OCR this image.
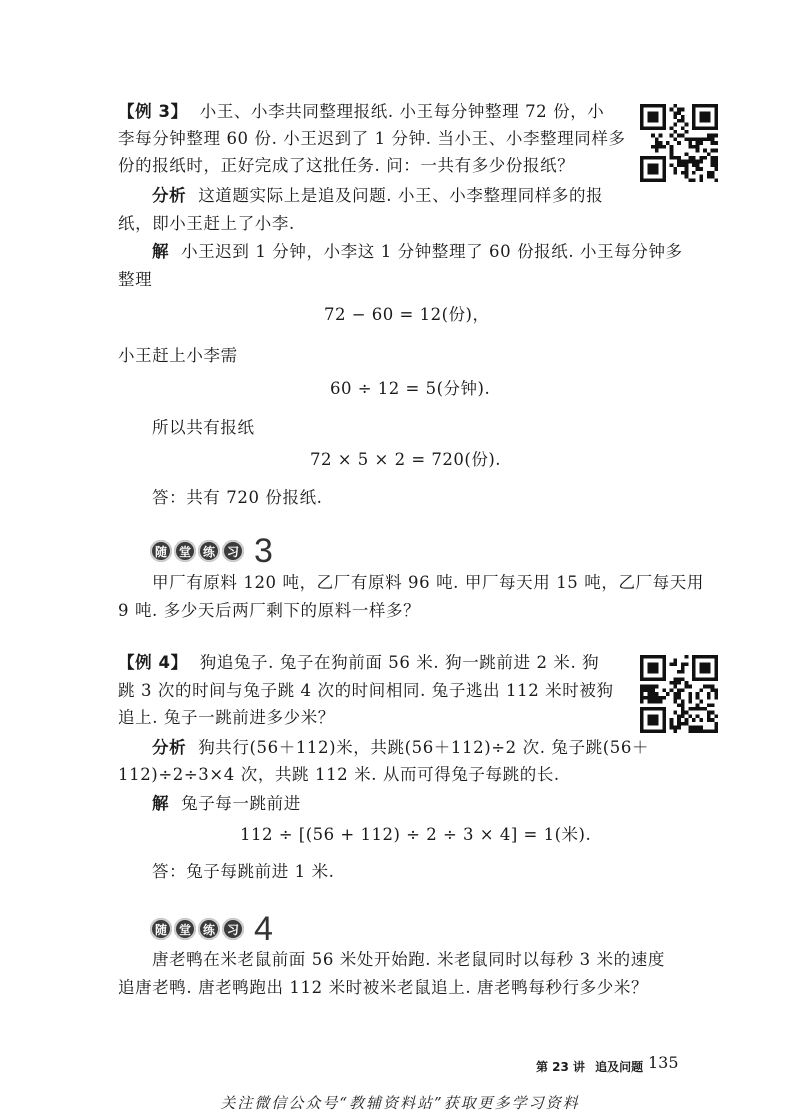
【例 3】 小王、小李共同整理报纸. 小王每分钟整理 72 份，小
李每分钟整理 60 份. 小王迟到了 1 分钟. 当小王、小李整理同样多
份的报纸时，正好完成了这批任务. 问：一共有多少份报纸？
分析 这道题实际上是追及问题. 小王、小李整理同样多的报
纸，即小王赶上了小李.
解 小王迟到 1 分钟，小李这 1 分钟整理了 60 份报纸. 小王每分钟多
整理
72 − 60 = 12(份)，
小王赶上小李需
60 ÷ 12 = 5(分钟).
所以共有报纸
72 × 5 × 2 = 720(份).
答：共有 720 份报纸.
随 堂 练 习 3
甲厂有原料 120 吨，乙厂有原料 96 吨. 甲厂每天用 15 吨，乙厂每天用
9 吨. 多少天后两厂剩下的原料一样多？
【例 4】 狗追兔子. 兔子在狗前面 56 米. 狗一跳前进 2 米. 狗
跳 3 次的时间与兔子跳 4 次的时间相同. 兔子逃出 112 米时被狗
追上. 兔子一跳前进多少米？
分析 狗共行(56＋112)米，共跳(56＋112)÷2 次. 兔子跳(56＋
112)÷2÷3×4 次，共跳 112 米. 从而可得兔子每跳的长.
解 兔子每一跳前进
112 ÷ [(56 + 112) ÷ 2 ÷ 3 × 4] = 1(米).
答：兔子每跳前进 1 米.
随 堂 练 习 4
唐老鸭在米老鼠前面 56 米处开始跑. 米老鼠同时以每秒 3 米的速度
追唐老鸭. 唐老鸭跑出 112 米时被米老鼠追上. 唐老鸭每秒行多少米？
第 23 讲 追及问题 135
关注微信公众号“教辅资料站”获取更多学习资料
